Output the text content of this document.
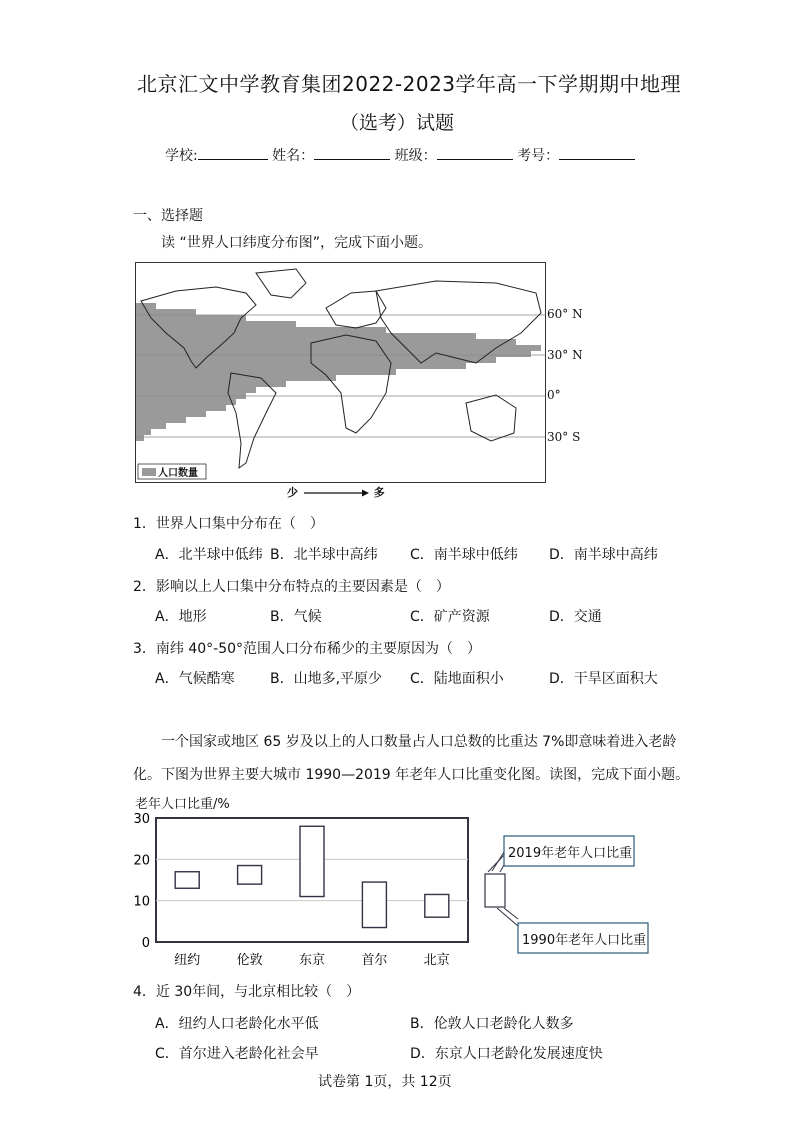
北京汇文中学教育集团2022-2023学年高一下学期期中地理
（选考）试题
学校:	姓名：	班级：	考号：
一、选择题
读 “世界人口纬度分布图”，完成下面小题。
人口数量
60° N
30° N
0°
30° S
少	多
1．世界人口集中分布在（　）
A．北半球中低纬 B．北半球中高纬 C．南半球中低纬 D．南半球中高纬
2．影响以上人口集中分布特点的主要因素是（　）
A．地形	B．气候	C．矿产资源	D．交通
3．南纬 40°-50°范围人口分布稀少的主要原因为（　）
A．气候酷寒	B．山地多,平原少 C．陆地面积小	D．干旱区面积大
一个国家或地区 65 岁及以上的人口数量占人口总数的比重达 7%即意味着进入老龄
化。下图为世界主要大城市 1990—2019 年老年人口比重变化图。读图，完成下面小题。
老年人口比重/%
0
10
20
30
纽约	伦敦	东京	首尔	北京
2019年老年人口比重
1990年老年人口比重
4．近 30年间，与北京相比较（　）
A．纽约人口老龄化水平低	B．伦敦人口老龄化人数多
C．首尔进入老龄化社会早	D．东京人口老龄化发展速度快
试卷第 1页，共 12页
